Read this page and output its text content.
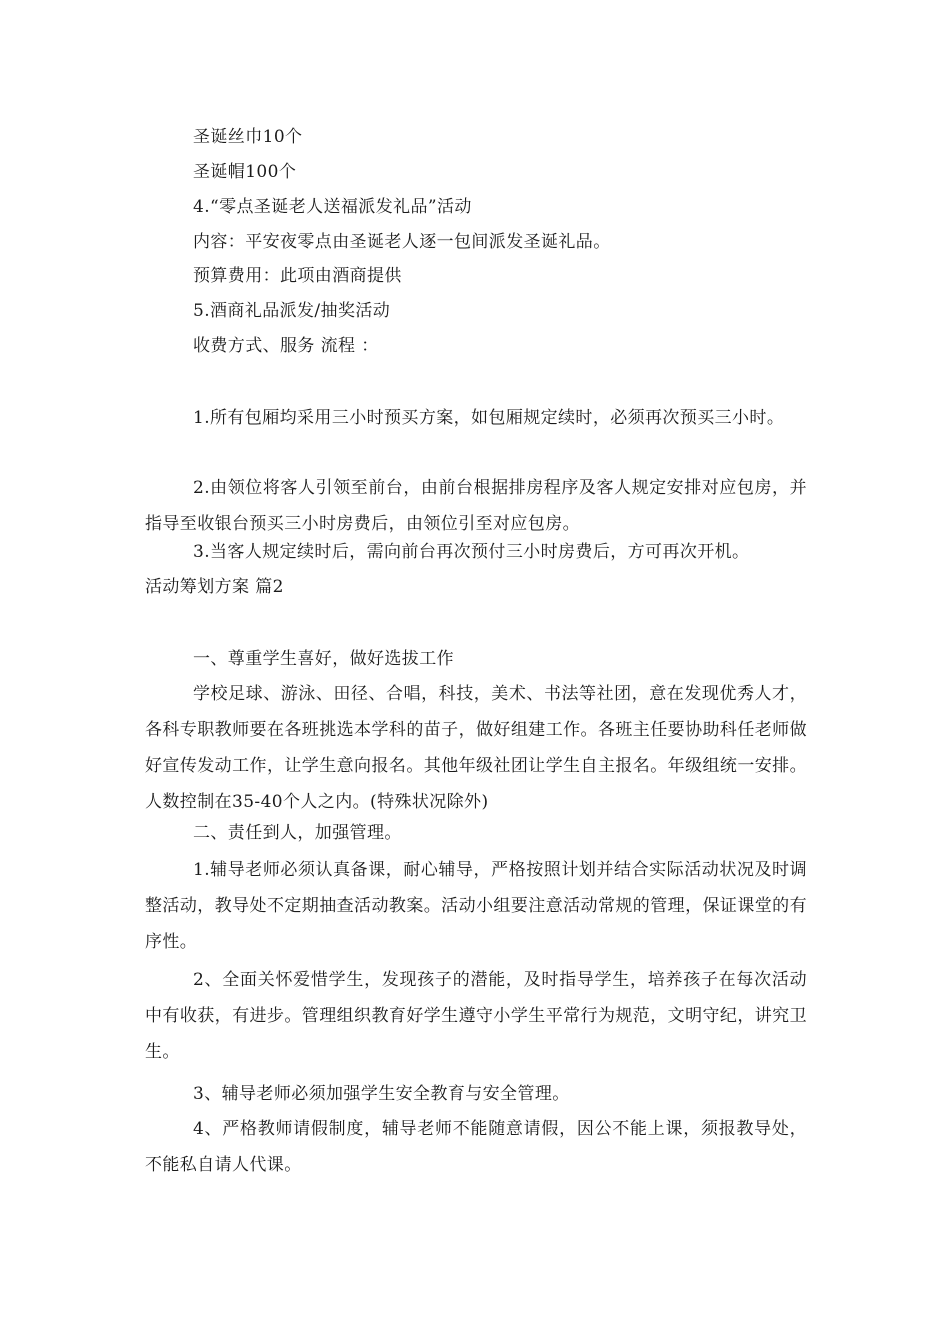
圣诞丝巾10个
圣诞帽100个
4.“零点圣诞老人送福派发礼品”活动
内容：平安夜零点由圣诞老人逐一包间派发圣诞礼品。
预算费用：此项由酒商提供
5.酒商礼品派发/抽奖活动
收费方式、服务 流程 ：
1.所有包厢均采用三小时预买方案，如包厢规定续时，必须再次预买三小时。
2.由领位将客人引领至前台，由前台根据排房程序及客人规定安排对应包房，并指导至收银台预买三小时房费后，由领位引至对应包房。
3.当客人规定续时后，需向前台再次预付三小时房费后，方可再次开机。
活动筹划方案 篇2
一、尊重学生喜好，做好选拔工作
学校足球、游泳、田径、合唱，科技，美术、书法等社团，意在发现优秀人才，各科专职教师要在各班挑选本学科的苗子，做好组建工作。各班主任要协助科任老师做好宣传发动工作，让学生意向报名。其他年级社团让学生自主报名。年级组统一安排。人数控制在35-40个人之内。(特殊状况除外)
二、责任到人，加强管理。
1.辅导老师必须认真备课，耐心辅导，严格按照计划并结合实际活动状况及时调整活动，教导处不定期抽查活动教案。活动小组要注意活动常规的管理，保证课堂的有序性。
2、全面关怀爱惜学生，发现孩子的潜能，及时指导学生，培养孩子在每次活动中有收获，有进步。管理组织教育好学生遵守小学生平常行为规范，文明守纪，讲究卫生。
3、辅导老师必须加强学生安全教育与安全管理。
4、严格教师请假制度，辅导老师不能随意请假，因公不能上课，须报教导处，不能私自请人代课。
